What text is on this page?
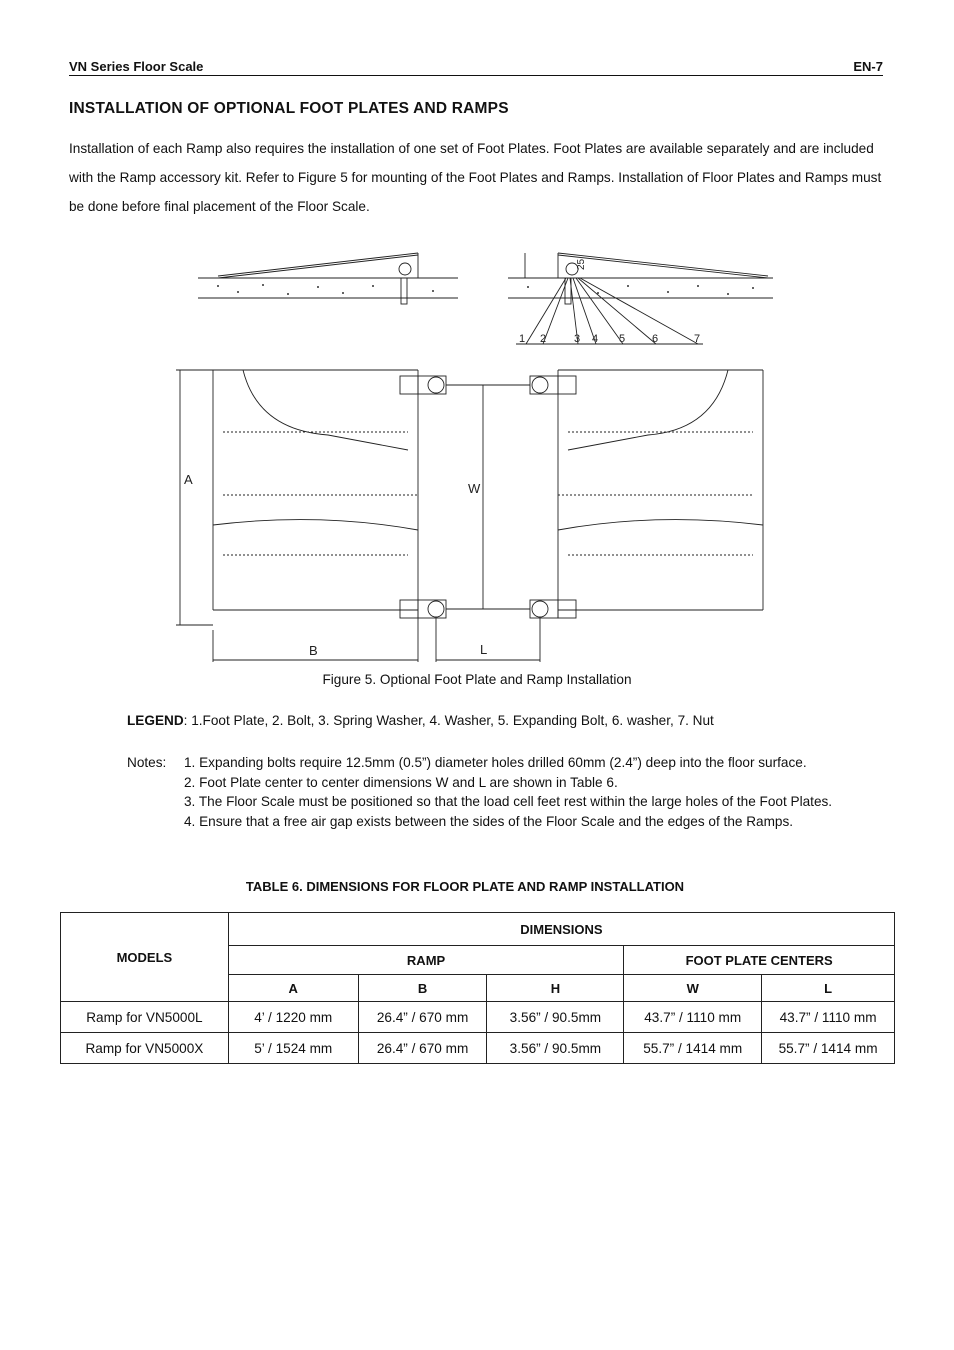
VN Series Floor Scale	EN-7
INSTALLATION OF OPTIONAL FOOT PLATES AND RAMPS
Installation of each Ramp also requires the installation of one set of Foot Plates. Foot Plates are available separately and are included with the Ramp accessory kit. Refer to Figure 5 for mounting of the Foot Plates and Ramps. Installation of Floor Plates and Ramps must be done before final placement of the Floor Scale.
1 2	3 4 5 6	7
25
A
W
B	L
Figure 5. Optional Foot Plate and Ramp Installation
LEGEND: 1.Foot Plate, 2. Bolt, 3. Spring Washer, 4. Washer, 5. Expanding Bolt, 6. washer, 7. Nut
Notes: 1. Expanding bolts require 12.5mm (0.5”) diameter holes drilled 60mm (2.4”) deep into the floor surface.
2. Foot Plate center to center dimensions W and L are shown in Table 6.
3. The Floor Scale must be positioned so that the load cell feet rest within the large holes of the Foot Plates.
4. Ensure that a free air gap exists between the sides of the Floor Scale and the edges of the Ramps.
TABLE 6. DIMENSIONS FOR FLOOR PLATE AND RAMP INSTALLATION
MODELS	DIMENSIONS				
	RAMP			FOOT PLATE CENTERS	
	A	B	H	W	L
Ramp for VN5000L	4’ / 1220 mm	26.4” / 670 mm	3.56” / 90.5mm	43.7” / 1110 mm	43.7” / 1110 mm
Ramp for VN5000X	5’ / 1524 mm	26.4” / 670 mm	3.56” / 90.5mm	55.7” / 1414 mm	55.7” / 1414 mm
